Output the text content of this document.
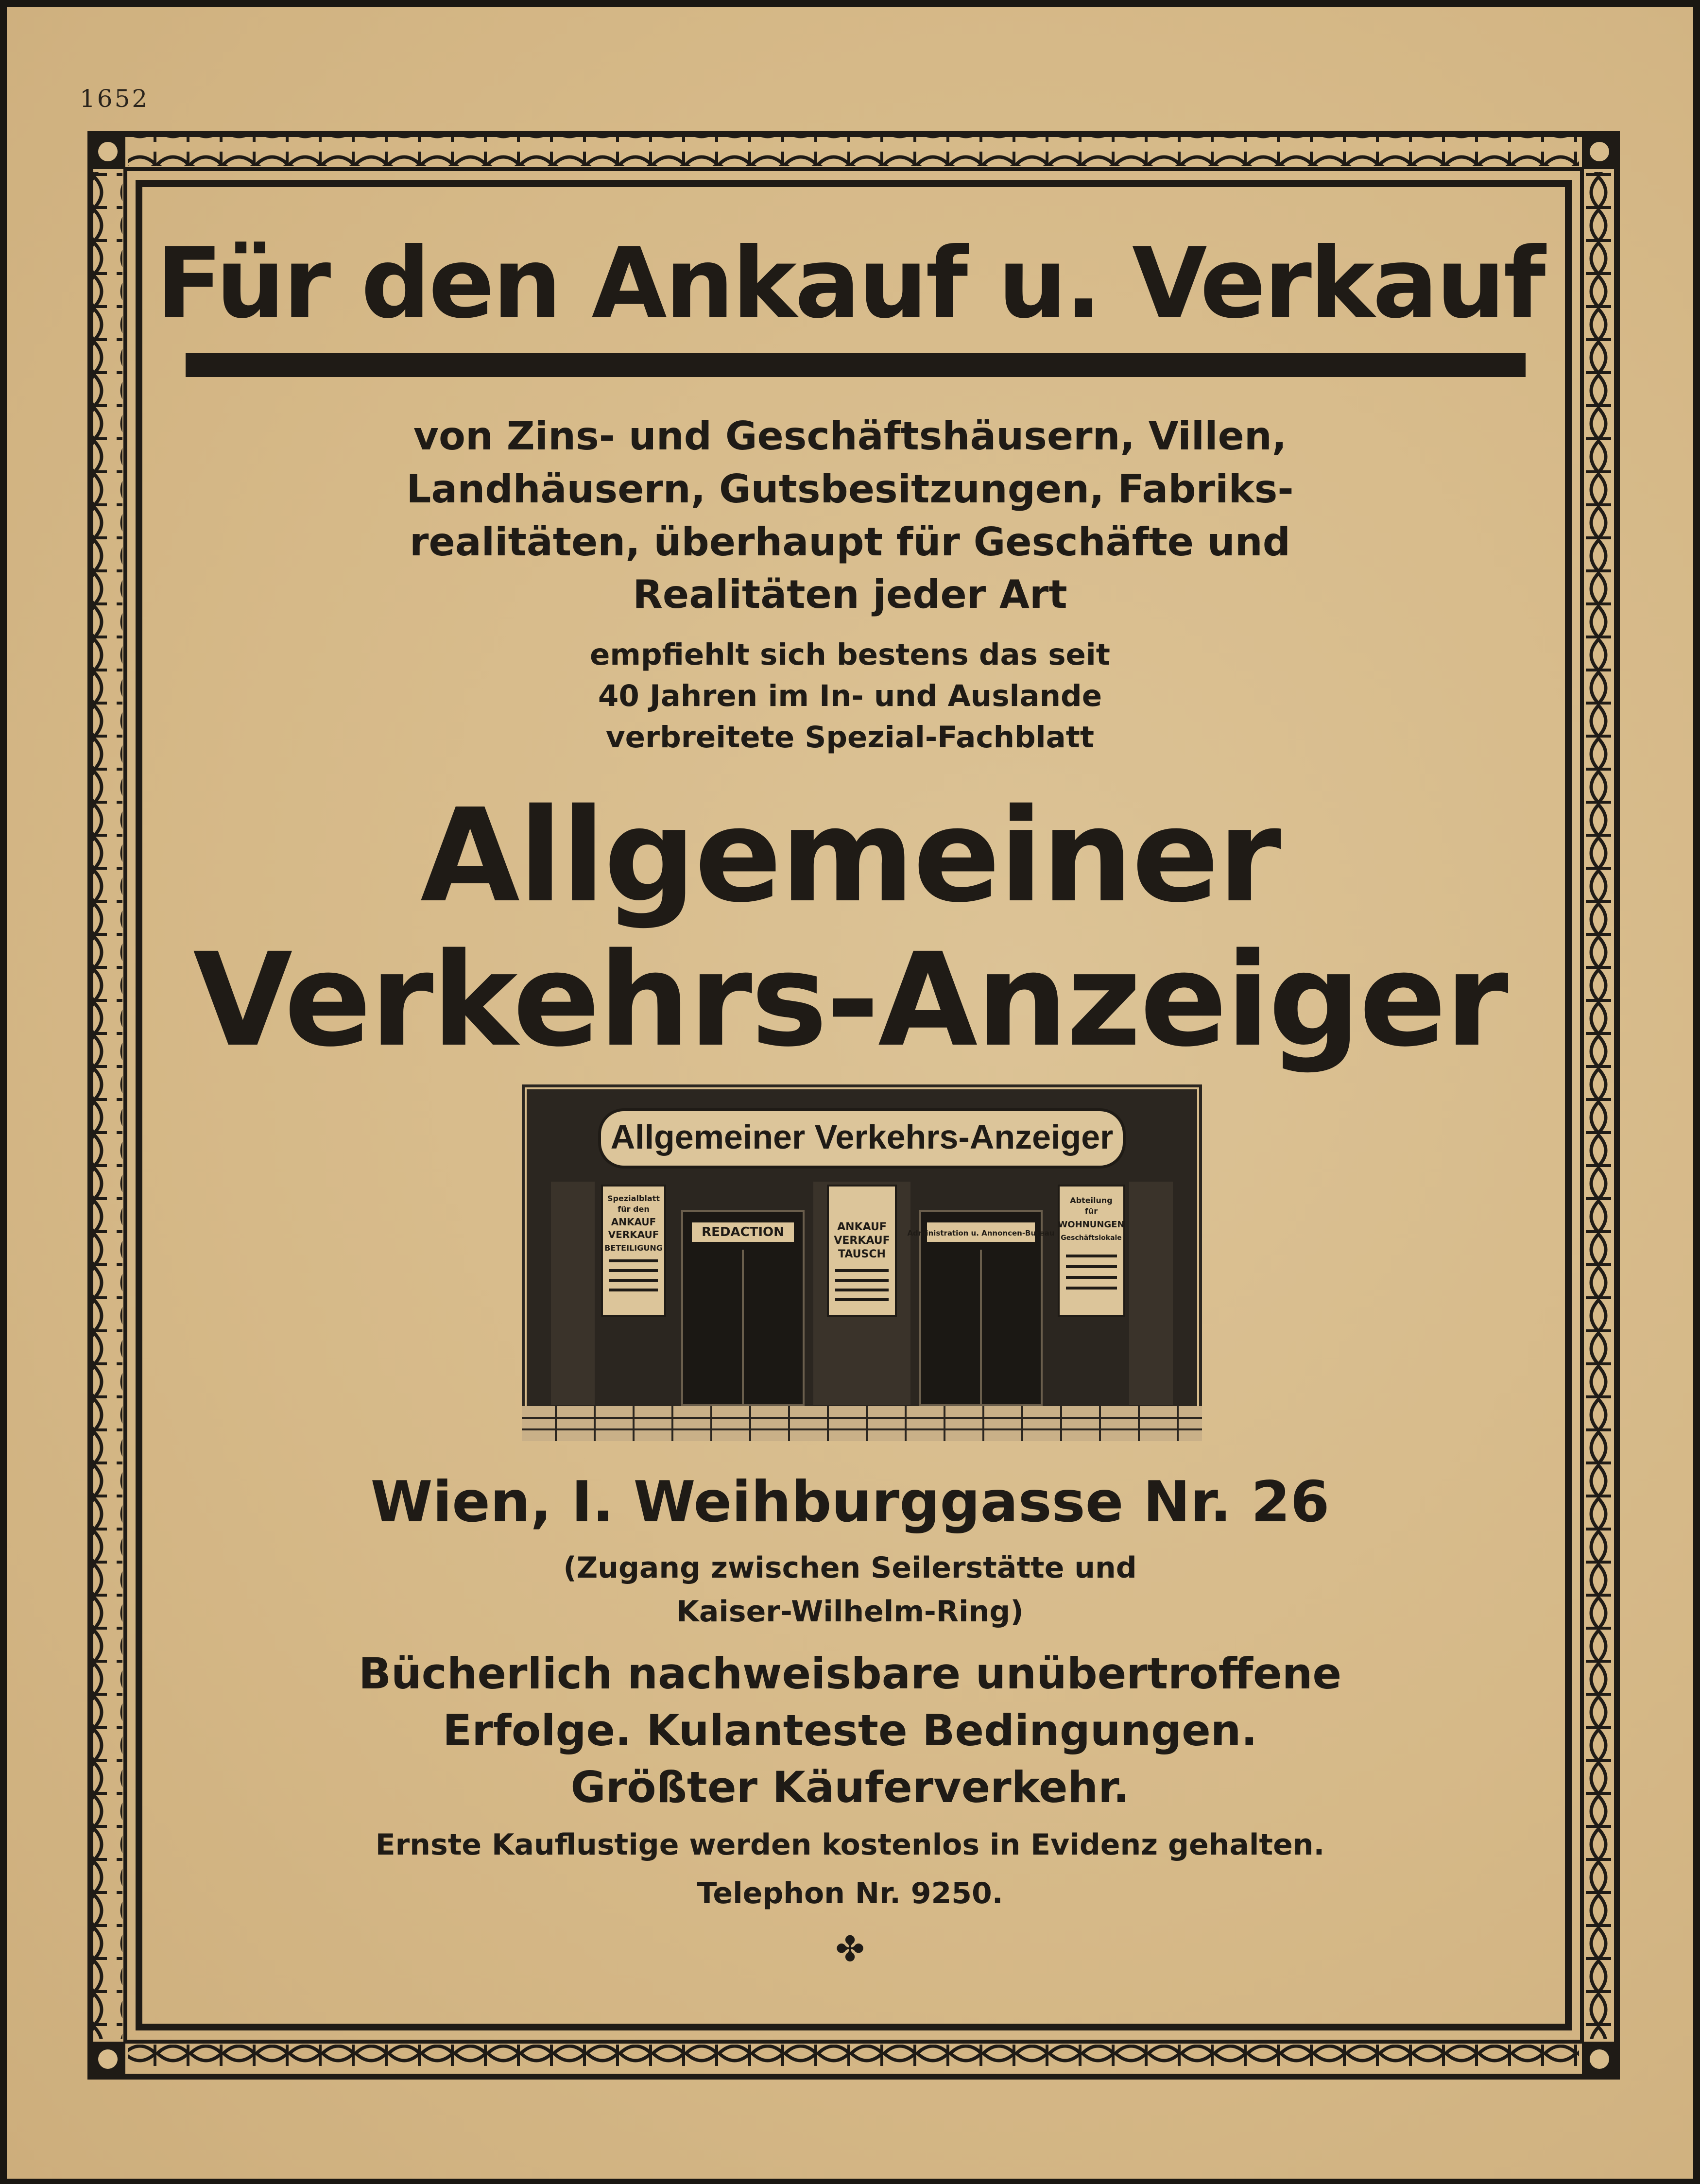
1652
Für den Ankauf u. Verkauf
von Zins- und Geschäftshäusern, Villen,
Landhäusern, Gutsbesitzungen, Fabriks-
realitäten, überhaupt für Geschäfte und
Realitäten jeder Art
empfiehlt sich bestens das seit
40 Jahren im In- und Auslande
verbreitete Spezial-Fachblatt
Allgemeiner
Verkehrs-Anzeiger
Allgemeiner Verkehrs-Anzeiger
Spezialblatt
für den
ANKAUF
VERKAUF
BETEILIGUNG
REDACTION	ANKAUF
VERKAUF
TAUSCH
Administration u. Annoncen-Bureau
Abteilung
für
WOHNUNGEN
Geschäftslokale
Wien, I. Weihburggasse Nr. 26
(Zugang zwischen Seilerstätte und
Kaiser-Wilhelm-Ring)
Bücherlich nachweisbare unübertroffene
Erfolge. Kulanteste Bedingungen.
Größter Käuferverkehr.
Ernste Kauflustige werden kostenlos in Evidenz gehalten.
Telephon Nr. 9250.
✤
